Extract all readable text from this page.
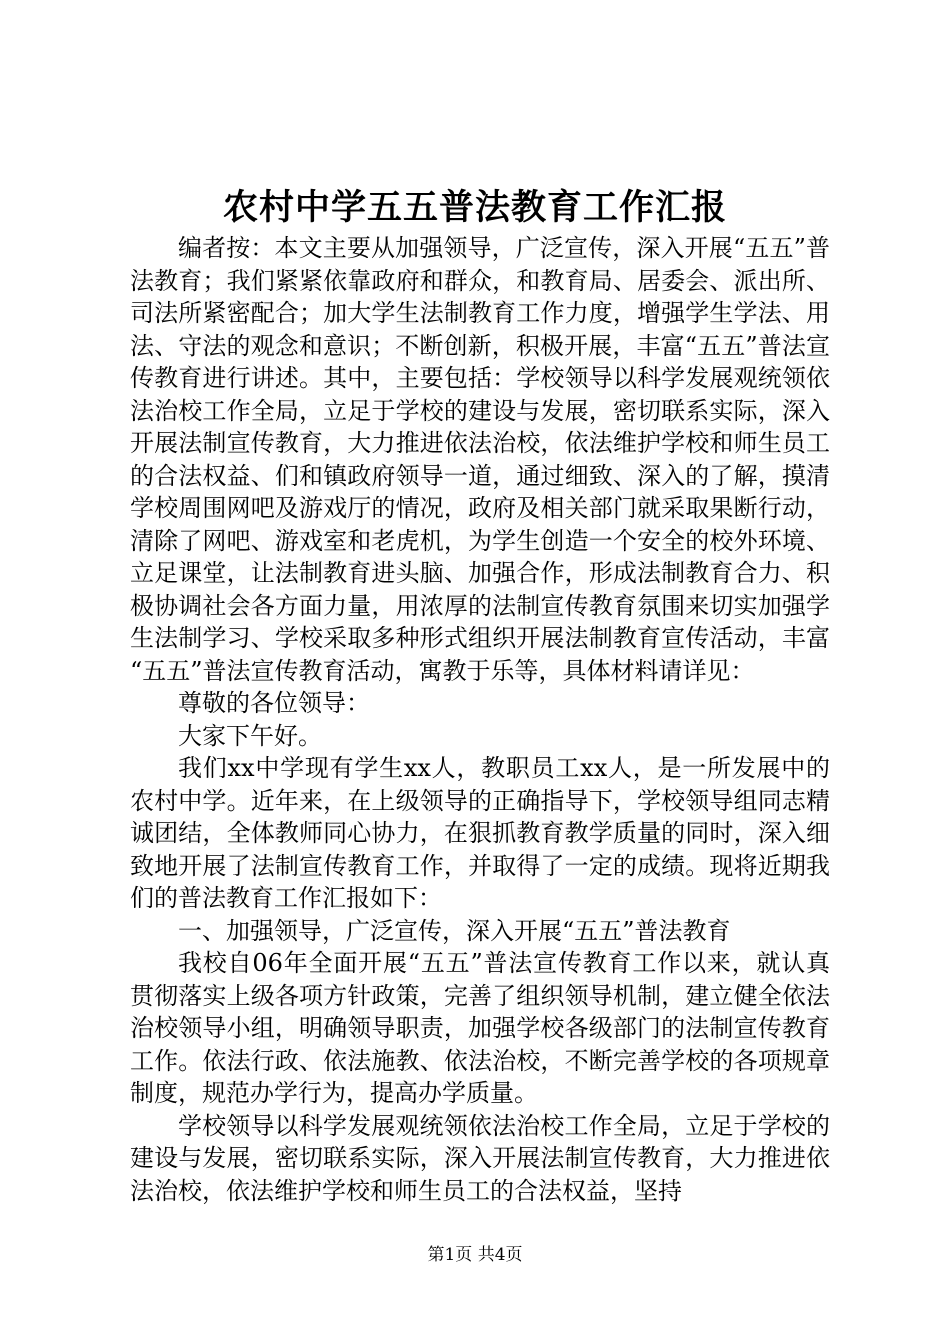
农村中学五五普法教育工作汇报

编者按：本文主要从加强领导，广泛宣传，深入开展“五五”普法教育；我们紧紧依靠政府和群众，和教育局、居委会、派出所、司法所紧密配合；加大学生法制教育工作力度，增强学生学法、用法、守法的观念和意识；不断创新，积极开展，丰富“五五”普法宣传教育进行讲述。其中，主要包括：学校领导以科学发展观统领依法治校工作全局，立足于学校的建设与发展，密切联系实际，深入开展法制宣传教育，大力推进依法治校，依法维护学校和师生员工的合法权益、们和镇政府领导一道，通过细致、深入的了解，摸清学校周围网吧及游戏厅的情况，政府及相关部门就采取果断行动，清除了网吧、游戏室和老虎机，为学生创造一个安全的校外环境、立足课堂，让法制教育进头脑、加强合作，形成法制教育合力、积极协调社会各方面力量，用浓厚的法制宣传教育氛围来切实加强学生法制学习、学校采取多种形式组织开展法制教育宣传活动，丰富“五五”普法宣传教育活动，寓教于乐等，具体材料请详见：

尊敬的各位领导：

大家下午好。

我们xx中学现有学生xx人，教职员工xx人，是一所发展中的农村中学。近年来，在上级领导的正确指导下，学校领导组同志精诚团结，全体教师同心协力，在狠抓教育教学质量的同时，深入细致地开展了法制宣传教育工作，并取得了一定的成绩。现将近期我们的普法教育工作汇报如下：

一、加强领导，广泛宣传，深入开展“五五”普法教育

我校自06年全面开展“五五”普法宣传教育工作以来，就认真贯彻落实上级各项方针政策，完善了组织领导机制，建立健全依法治校领导小组，明确领导职责，加强学校各级部门的法制宣传教育工作。依法行政、依法施教、依法治校，不断完善学校的各项规章制度，规范办学行为，提高办学质量。

学校领导以科学发展观统领依法治校工作全局，立足于学校的建设与发展，密切联系实际，深入开展法制宣传教育，大力推进依法治校，依法维护学校和师生员工的合法权益，坚持

第1页 共4页
